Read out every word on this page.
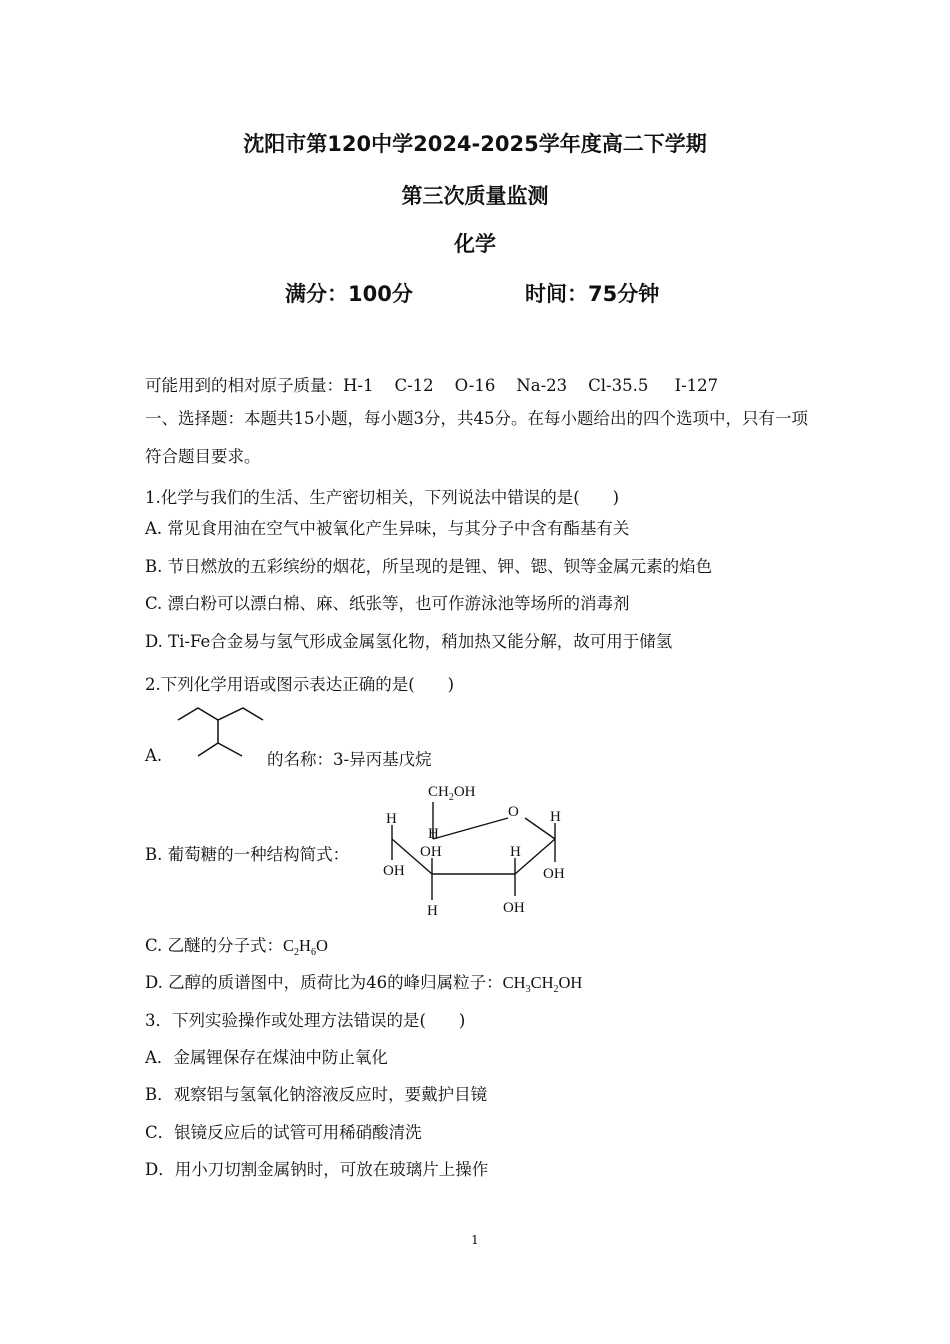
沈阳市第120中学2024-2025学年度高二下学期
第三次质量监测
化学
满分：100分	时间：75分钟
可能用到的相对原子质量：H-1    C-12    O-16    Na-23    Cl-35.5     I-127
一、选择题：本题共15小题，每小题3分，共45分。在每小题给出的四个选项中，只有一项符合题目要求。
1.化学与我们的生活、生产密切相关，下列说法中错误的是(　　)
A. 常见食用油在空气中被氧化产生异味，与其分子中含有酯基有关
B. 节日燃放的五彩缤纷的烟花，所呈现的是锂、钾、锶、钡等金属元素的焰色
C. 漂白粉可以漂白棉、麻、纸张等，也可作游泳池等场所的消毒剂
D. Ti-Fe合金易与氢气形成金属氢化物，稍加热又能分解，故可用于储氢
2.下列化学用语或图示表达正确的是(　　)
A.	的名称：3-异丙基戊烷
B. 葡萄糖的一种结构简式：
$CH_2OH$
O H
OH
H
OH
H
OH
H
H
OH
C. 乙醚的分子式：$C_2H_6O$
D. 乙醇的质谱图中，质荷比为46的峰归属粒子：$CH_3CH_2OH$
3．下列实验操作或处理方法错误的是(　　)
A．金属锂保存在煤油中防止氧化
B．观察铝与氢氧化钠溶液反应时，要戴护目镜
C．银镜反应后的试管可用稀硝酸清洗
D．用小刀切割金属钠时，可放在玻璃片上操作
1
